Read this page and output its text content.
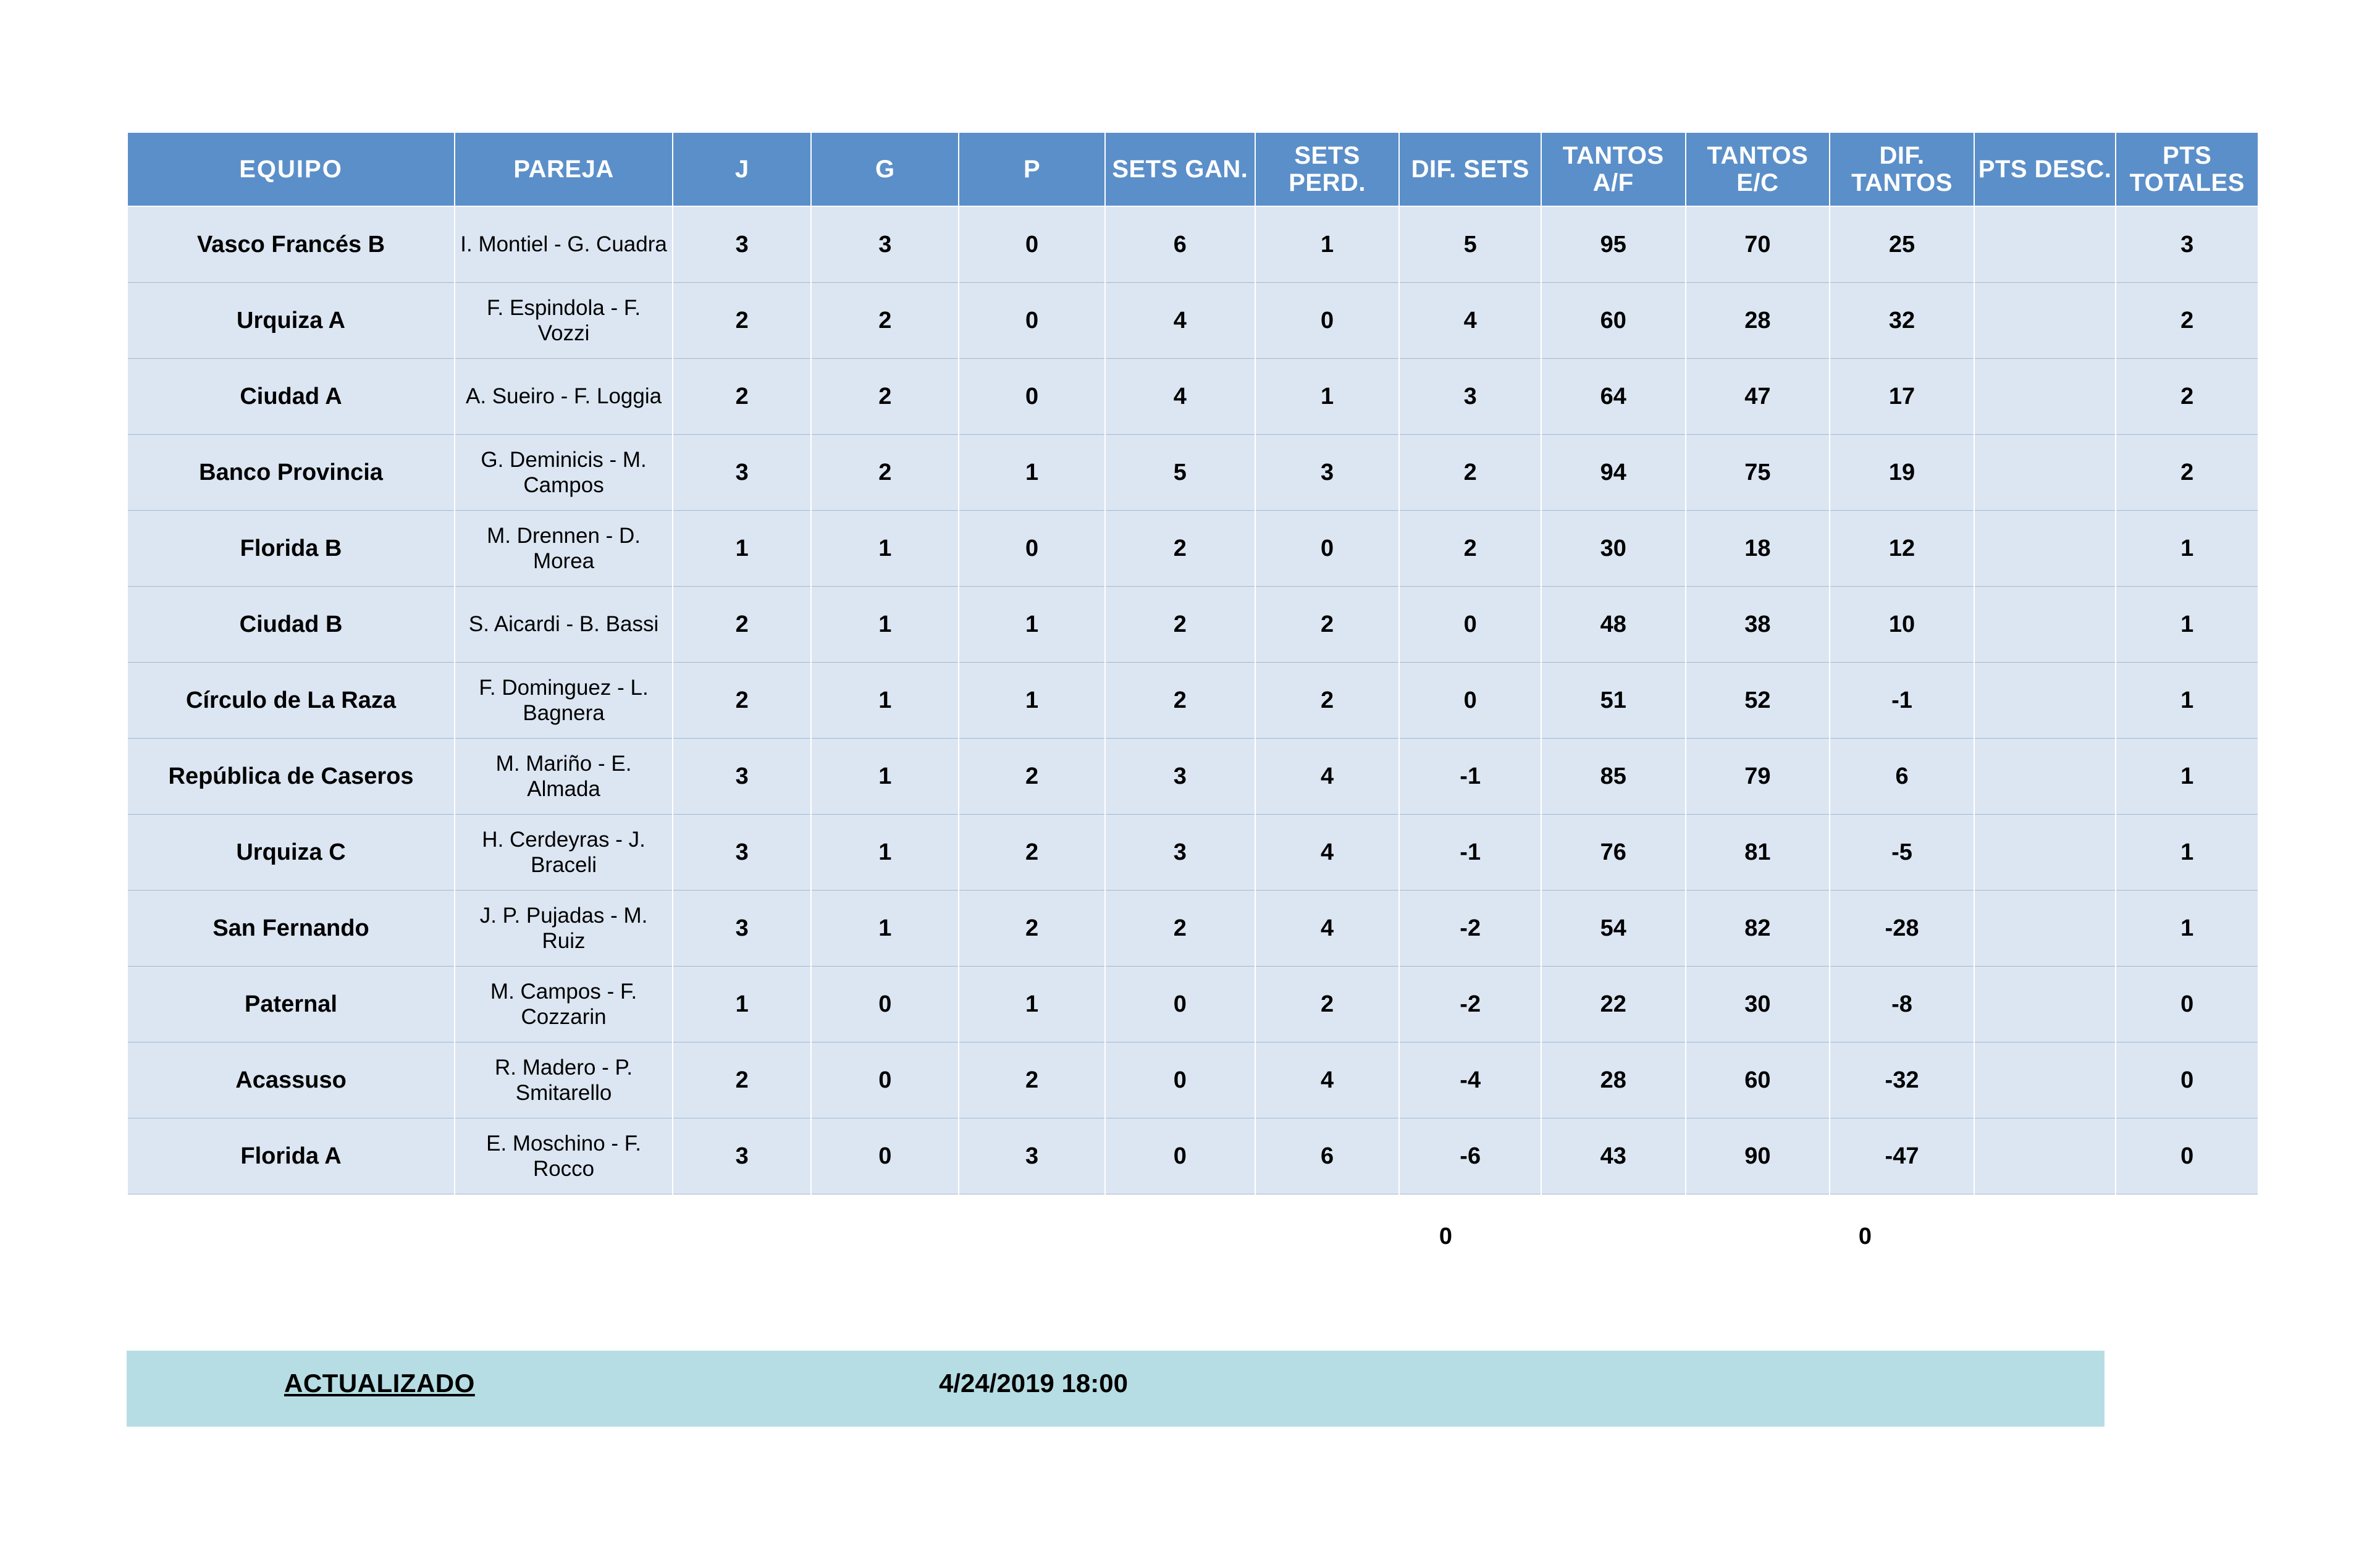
EQUIPO	PAREJA	J	G	P	SETS GAN.	SETS PERD.	DIF. SETS	TANTOS A/F	TANTOS E/C	DIF. TANTOS	PTS DESC.	PTS TOTALES
Vasco Francés B	I. Montiel - G. Cuadra	3	3	0	6	1	5	95	70	25		3
Urquiza A	F. Espindola - F. Vozzi	2	2	0	4	0	4	60	28	32		2
Ciudad A	A. Sueiro - F. Loggia	2	2	0	4	1	3	64	47	17		2
Banco Provincia	G. Deminicis - M. Campos	3	2	1	5	3	2	94	75	19		2
Florida B	M. Drennen - D. Morea	1	1	0	2	0	2	30	18	12		1
Ciudad B	S. Aicardi - B. Bassi	2	1	1	2	2	0	48	38	10		1
Círculo de La Raza	F. Dominguez - L. Bagnera	2	1	1	2	2	0	51	52	-1		1
República de Caseros	M. Mariño - E. Almada	3	1	2	3	4	-1	85	79	6		1
Urquiza C	H. Cerdeyras - J. Braceli	3	1	2	3	4	-1	76	81	-5		1
San Fernando	J. P. Pujadas - M. Ruiz	3	1	2	2	4	-2	54	82	-28		1
Paternal	M. Campos - F. Cozzarin	1	0	1	0	2	-2	22	30	-8		0
Acassuso	R. Madero - P. Smitarello	2	0	2	0	4	-4	28	60	-32		0
Florida A	E. Moschino - F. Rocco	3	0	3	0	6	-6	43	90	-47		0
0	0
ACTUALIZADO	4/24/2019 18:00
